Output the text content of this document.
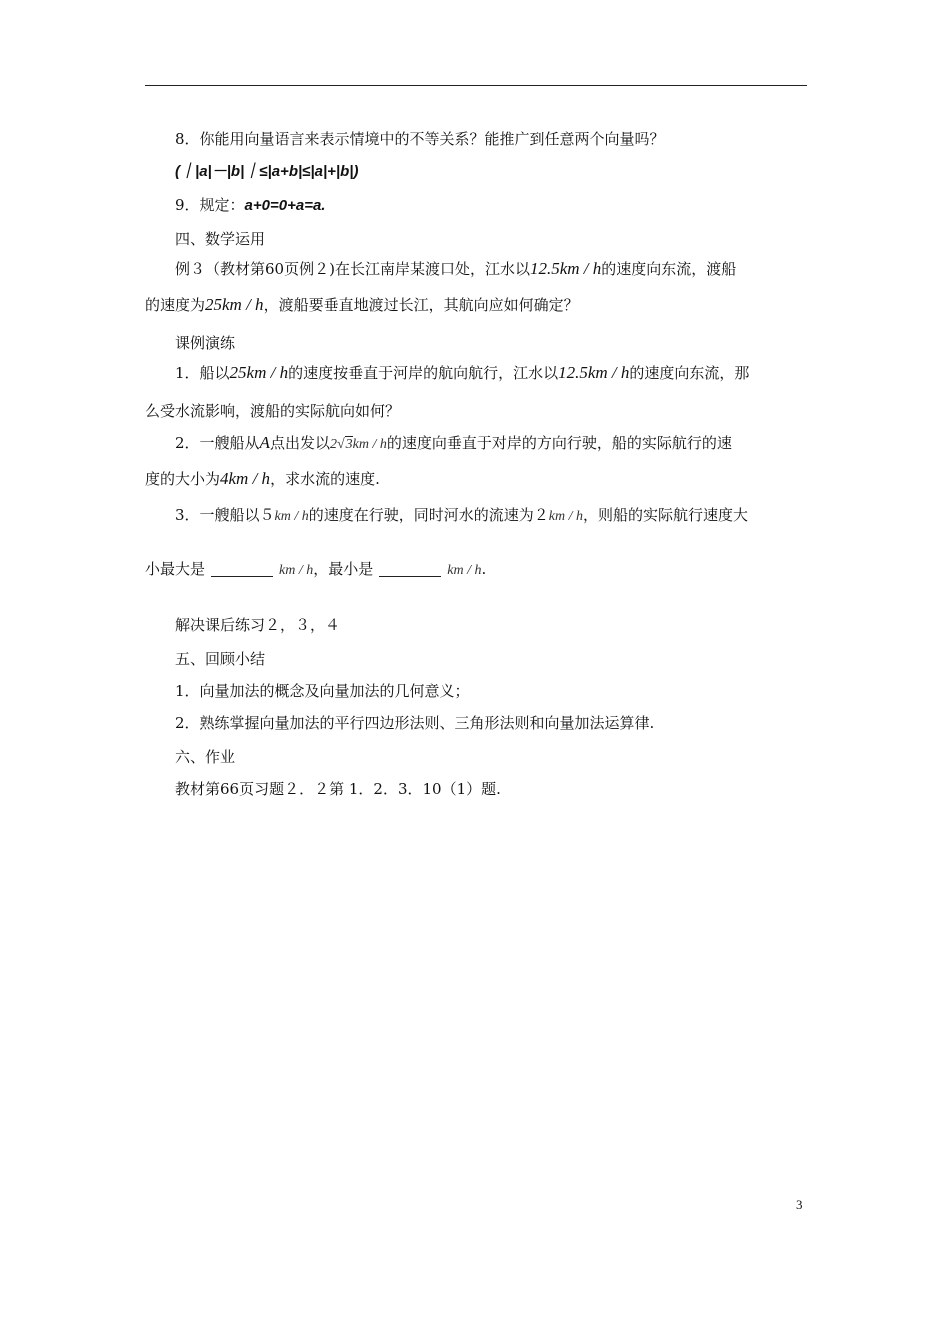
8．你能用向量语言来表示情境中的不等关系？能推广到任意两个向量吗？
(｜|a|－|b|｜≤|a+b|≤|a|+|b|)
9．规定：a+0=0+a=a.
四、数学运用
例３（教材第60页例２)在长江南岸某渡口处，江水以12.5km / h的速度向东流，渡船
的速度为25km / h，渡船要垂直地渡过长江，其航向应如何确定？
课例演练
1．船以25km / h的速度按垂直于河岸的航向航行，江水以12.5km / h的速度向东流，那
么受水流影响，渡船的实际航向如何？
2．一艘船从A点出发以2√3km / h的速度向垂直于对岸的方向行驶，船的实际航行的速
度的大小为4km / h，求水流的速度.
3．一艘船以５km / h的速度在行驶，同时河水的流速为２km / h，则船的实际航行速度大
小最大是	km / h，最小是	km / h.
解决课后练习２，３，４
五、回顾小结
1．向量加法的概念及向量加法的几何意义；
2．熟练掌握向量加法的平行四边形法则、三角形法则和向量加法运算律.
六、作业
教材第66页习题２．２第 1．2．3．10（1）题.
3
